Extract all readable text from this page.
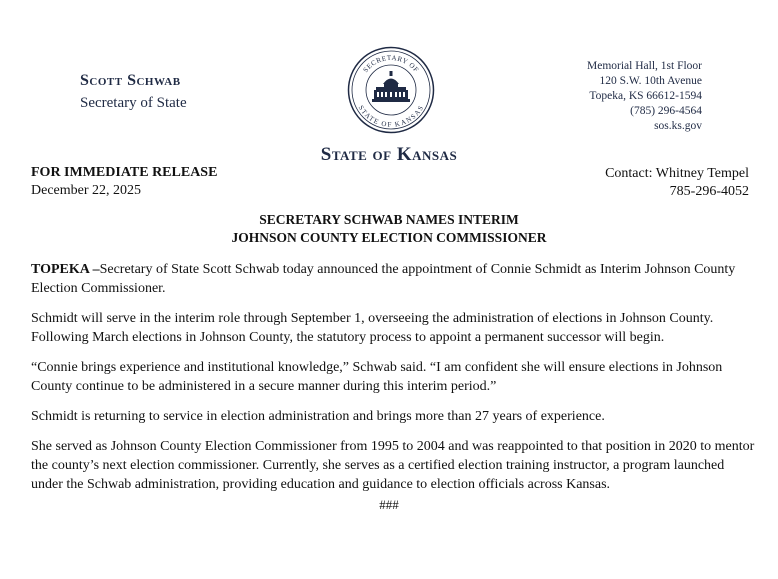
Scott Schwab
Secretary of State
SECRETARY OF
STATE OF KANSAS
Memorial Hall, 1st Floor
120 S.W. 10th Avenue
Topeka, KS 66612-1594
(785) 296-4564
sos.ks.gov
State of Kansas
FOR IMMEDIATE RELEASE
December 22, 2025
Contact: Whitney Tempel
785-296-4052
SECRETARY SCHWAB NAMES INTERIM
JOHNSON COUNTY ELECTION COMMISSIONER

TOPEKA –Secretary of State Scott Schwab today announced the appointment of Connie Schmidt as Interim Johnson County Election Commissioner.

Schmidt will serve in the interim role through September 1, overseeing the administration of elections in Johnson County. Following March elections in Johnson County, the statutory process to appoint a permanent successor will begin.

“Connie brings experience and institutional knowledge,” Schwab said. “I am confident she will ensure elections in Johnson County continue to be administered in a secure manner during this interim period.”

Schmidt is returning to service in election administration and brings more than 27 years of experience.

She served as Johnson County Election Commissioner from 1995 to 2004 and was reappointed to that position in 2020 to mentor the county’s next election commissioner. Currently, she serves as a certified election training instructor, a program launched under the Schwab administration, providing education and guidance to election officials across Kansas.

###
